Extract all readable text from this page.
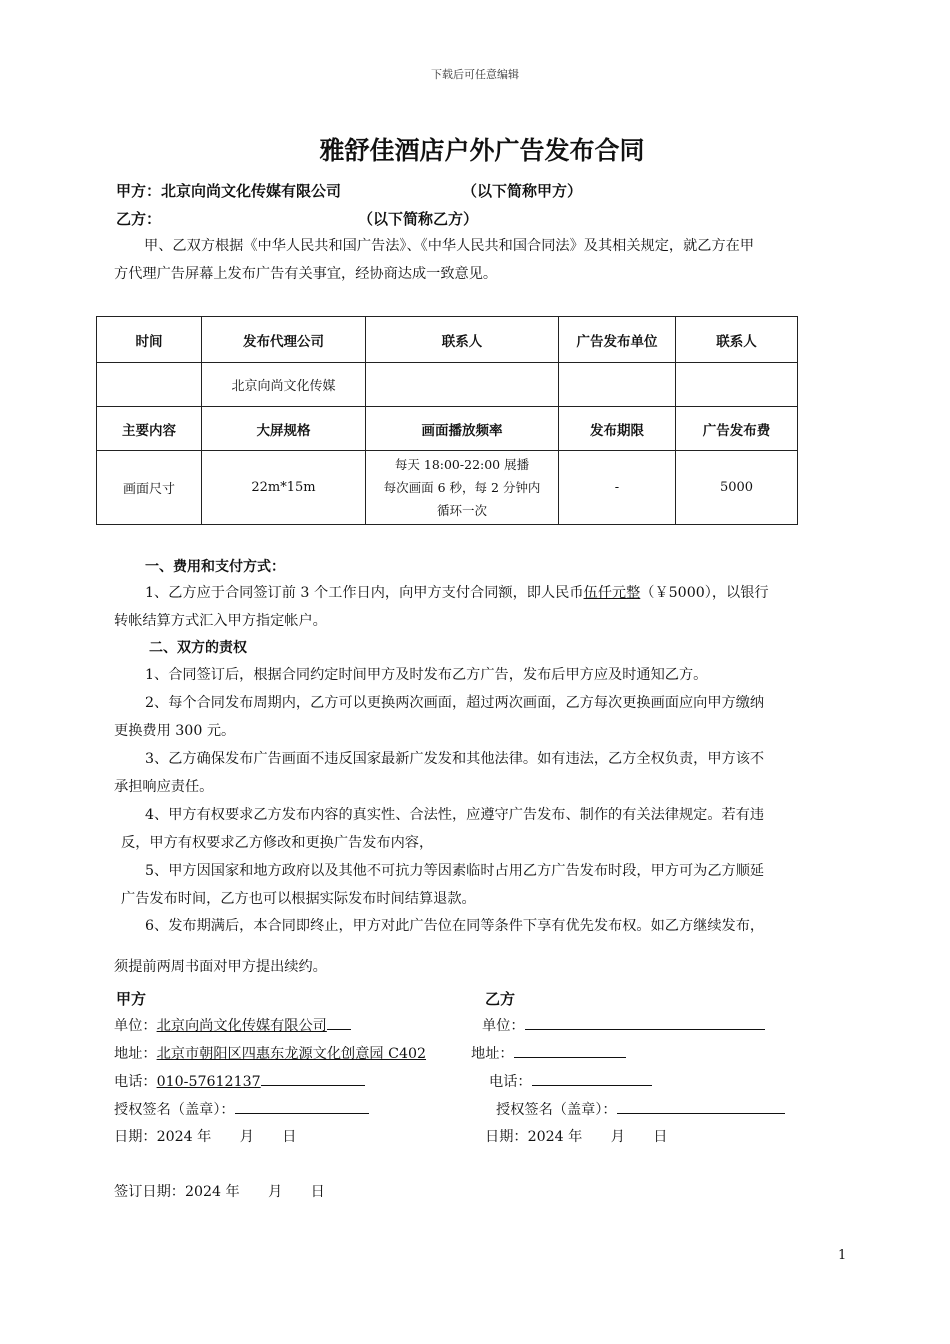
下载后可任意编辑
雅舒佳酒店户外广告发布合同
甲方：北京向尚文化传媒有限公司	（以下简称甲方）
乙方：	（以下简称乙方）
甲、乙双方根据《中华人民共和国广告法》、《中华人民共和国合同法》及其相关规定，就乙方在甲
方代理广告屏幕上发布广告有关事宜，经协商达成一致意见。
时间	发布代理公司	联系人	广告发布单位	联系人
	北京向尚文化传媒			
主要内容	大屏规格	画面播放频率	发布期限	广告发布费
画面尺寸	22m*15m	每天 18:00-22:00 展播
每次画面 6 秒，每 2 分钟内
循环一次	-	5000
一、费用和支付方式：
1、乙方应于合同签订前 3 个工作日内，向甲方支付合同额，即人民币伍仟元整（￥5000），以银行
转帐结算方式汇入甲方指定帐户。
二、双方的责权
1、合同签订后，根据合同约定时间甲方及时发布乙方广告，发布后甲方应及时通知乙方。
2、每个合同发布周期内，乙方可以更换两次画面，超过两次画面，乙方每次更换画面应向甲方缴纳
更换费用 300 元。
3、乙方确保发布广告画面不违反国家最新广发发和其他法律。如有违法，乙方全权负责，甲方该不
承担响应责任。
4、甲方有权要求乙方发布内容的真实性、合法性，应遵守广告发布、制作的有关法律规定。若有违
反，甲方有权要求乙方修改和更换广告发布内容，
5、甲方因国家和地方政府以及其他不可抗力等因素临时占用乙方广告发布时段，甲方可为乙方顺延
广告发布时间，乙方也可以根据实际发布时间结算退款。
6、发布期满后，本合同即终止，甲方对此广告位在同等条件下享有优先发布权。如乙方继续发布，
须提前两周书面对甲方提出续约。
甲方	乙方
单位：北京向尚文化传媒有限公司	单位：
地址：北京市朝阳区四惠东龙源文化创意园 C402	地址：
电话：010-57612137	电话：
授权签名（盖章）：	授权签名（盖章）：
日期：2024 年　　月　　日	日期：2024 年　　月　　日
签订日期：2024 年　　月　　日
1
